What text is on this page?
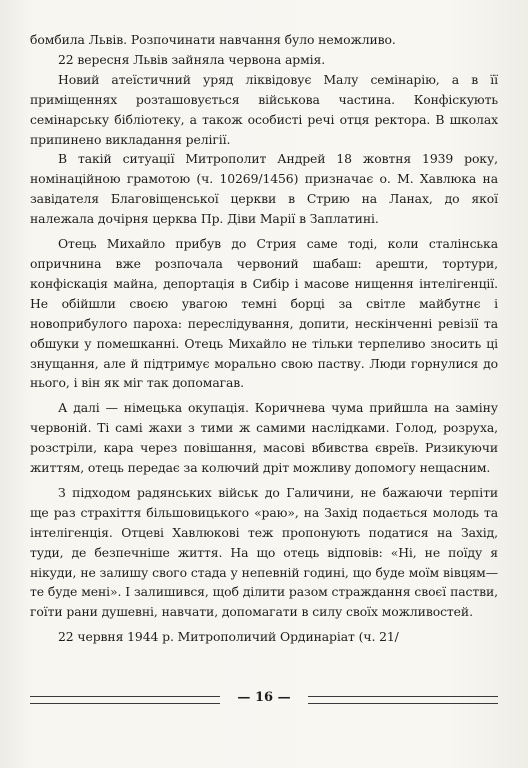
бомбила Львів. Розпочинати навчання було неможливо.

22 вересня Львів зайняла червона армія.

Новий атеїстичний уряд ліквідовує Малу семінарію, а в її приміщеннях розташовується військова частина. Конфіскують семінарську бібліотеку, а також особисті речі отця ректора. В школах припинено викладання релігії.

В такій ситуації Митрополит Андрей 18 жовтня 1939 року, номінаційною грамотою (ч. 10269/1456) призначає о. М. Хавлюка на завідателя Благовіщенської церкви в Стрию на Ланах, до якої належала дочірня церква Пр. Діви Марії в Заплатині.

Отець Михайло прибув до Стрия саме тоді, коли сталінська опричнина вже розпочала червоний шабаш: арешти, тортури, конфіскація майна, депортація в Сибір і масове нищення інтелігенції. Не обійшли своєю увагою темні борці за світле майбутнє і новоприбулого пароха: переслідування, допити, нескінченні ревізії та обшуки у помешканні. Отець Михайло не тільки терпеливо зносить ці знущання, але й підтримує морально свою паству. Люди горнулися до нього, і він як міг так допомагав.

А далі — німецька окупація. Коричнева чума прийшла на заміну червоній. Ті самі жахи з тими ж самими наслідками. Голод, розруха, розстріли, кара через повішання, масові вбивства євреїв. Ризикуючи життям, отець передає за колючий дріт можливу допомогу нещасним.

З підходом радянських військ до Галичини, не бажаючи терпіти ще раз страхіття більшовицького «раю», на Захід подається молодь та інтелігенція. Отцеві Хавлюкові теж пропонують податися на Захід, туди, де безпечніше життя. На що отець відповів: «Ні, не поїду я нікуди, не залишу свого стада у непевній годині, що буде моїм вівцям—те буде мені». І залишився, щоб ділити разом страждання своєї пастви, гоїти рани душевні, навчати, допомагати в силу своїх можливостей.

22 червня 1944 р. Митрополичий Ординаріат (ч. 21/

— 16 —
